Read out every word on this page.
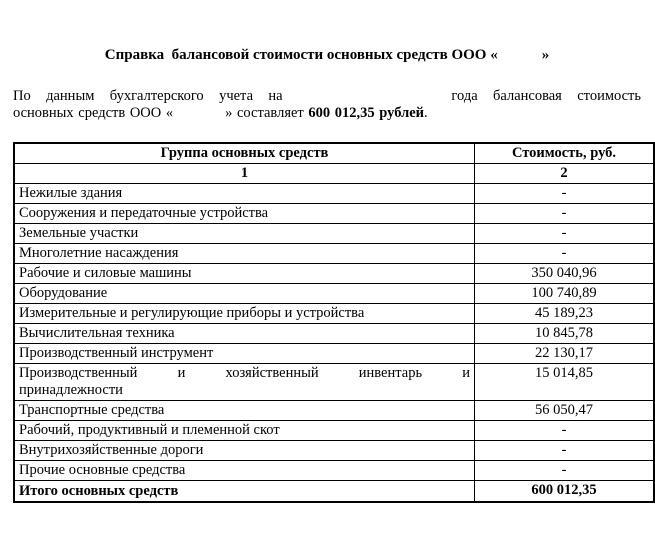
Справка  балансовой стоимости основных средств ООО «	»
По данным бухгалтерского учета на	года балансовая стоимость
основных средств ООО «	» составляет 600 012,35 рублей.
Группа основных средств	Стоимость, руб.
1	2
Нежилые здания	-
Сооружения и передаточные устройства	-
Земельные участки	-
Многолетние насаждения	-
Рабочие и силовые машины	350 040,96
Оборудование	100 740,89
Измерительные и регулирующие приборы и устройства	45 189,23
Вычислительная техника	10 845,78
Производственный инструмент	22 130,17

Производственный и хозяйственный инвентарь и
принадлежности	15 014,85
Транспортные средства	56 050,47
Рабочий, продуктивный и племенной скот	-
Внутрихозяйственные дороги	-
Прочие основные средства	-
Итого основных средств	600 012,35
